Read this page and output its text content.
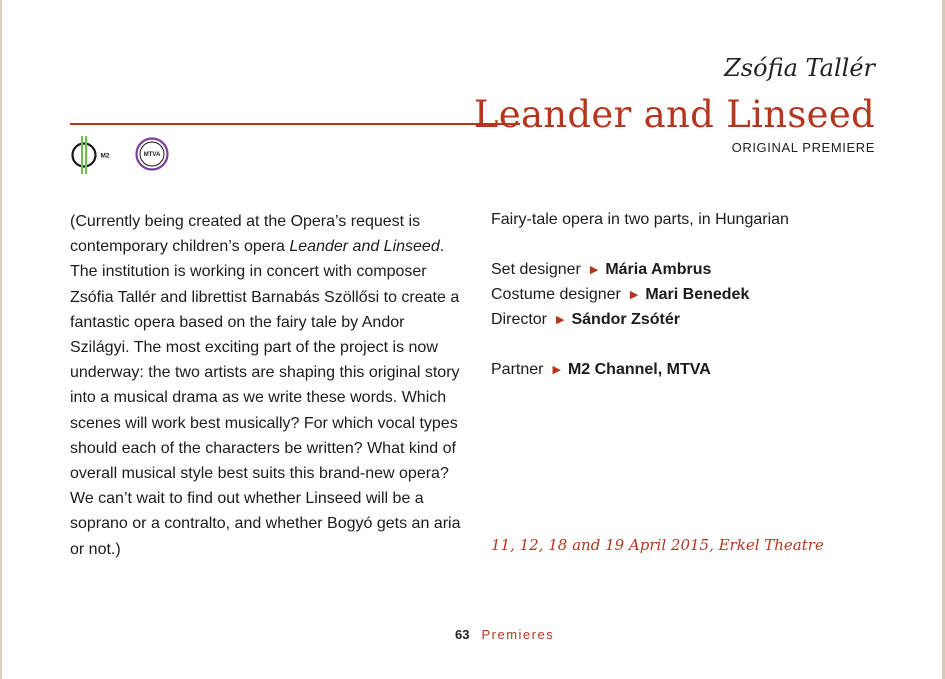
Zsófia Tallér
Leander and Linseed
ORIGINAL PREMIERE
M2	MTVA

(Currently being created at the Opera’s request is contemporary children’s opera Leander and Linseed. The institution is working in concert with composer Zsófia Tallér and librettist Barnabás Szöllősi to create a fantastic opera based on the fairy tale by Andor Szilágyi. The most exciting part of the project is now underway: the two artists are shaping this original story into a musical drama as we write these words. Which scenes will work best musically? For which vocal types should each of the characters be written? What kind of overall musical style best suits this brand-new opera? We can’t wait to find out whether Linseed will be a soprano or a contralto, and whether Bogyó gets an aria or not.)

Fairy-tale opera in two parts, in Hungarian
Set designer ▶ Mária Ambrus
Costume designer ▶ Mari Benedek
Director ▶ Sándor Zsótér
Partner ▶ M2 Channel, MTVA
11, 12, 18 and 19 April 2015, Erkel Theatre
63 Premieres
